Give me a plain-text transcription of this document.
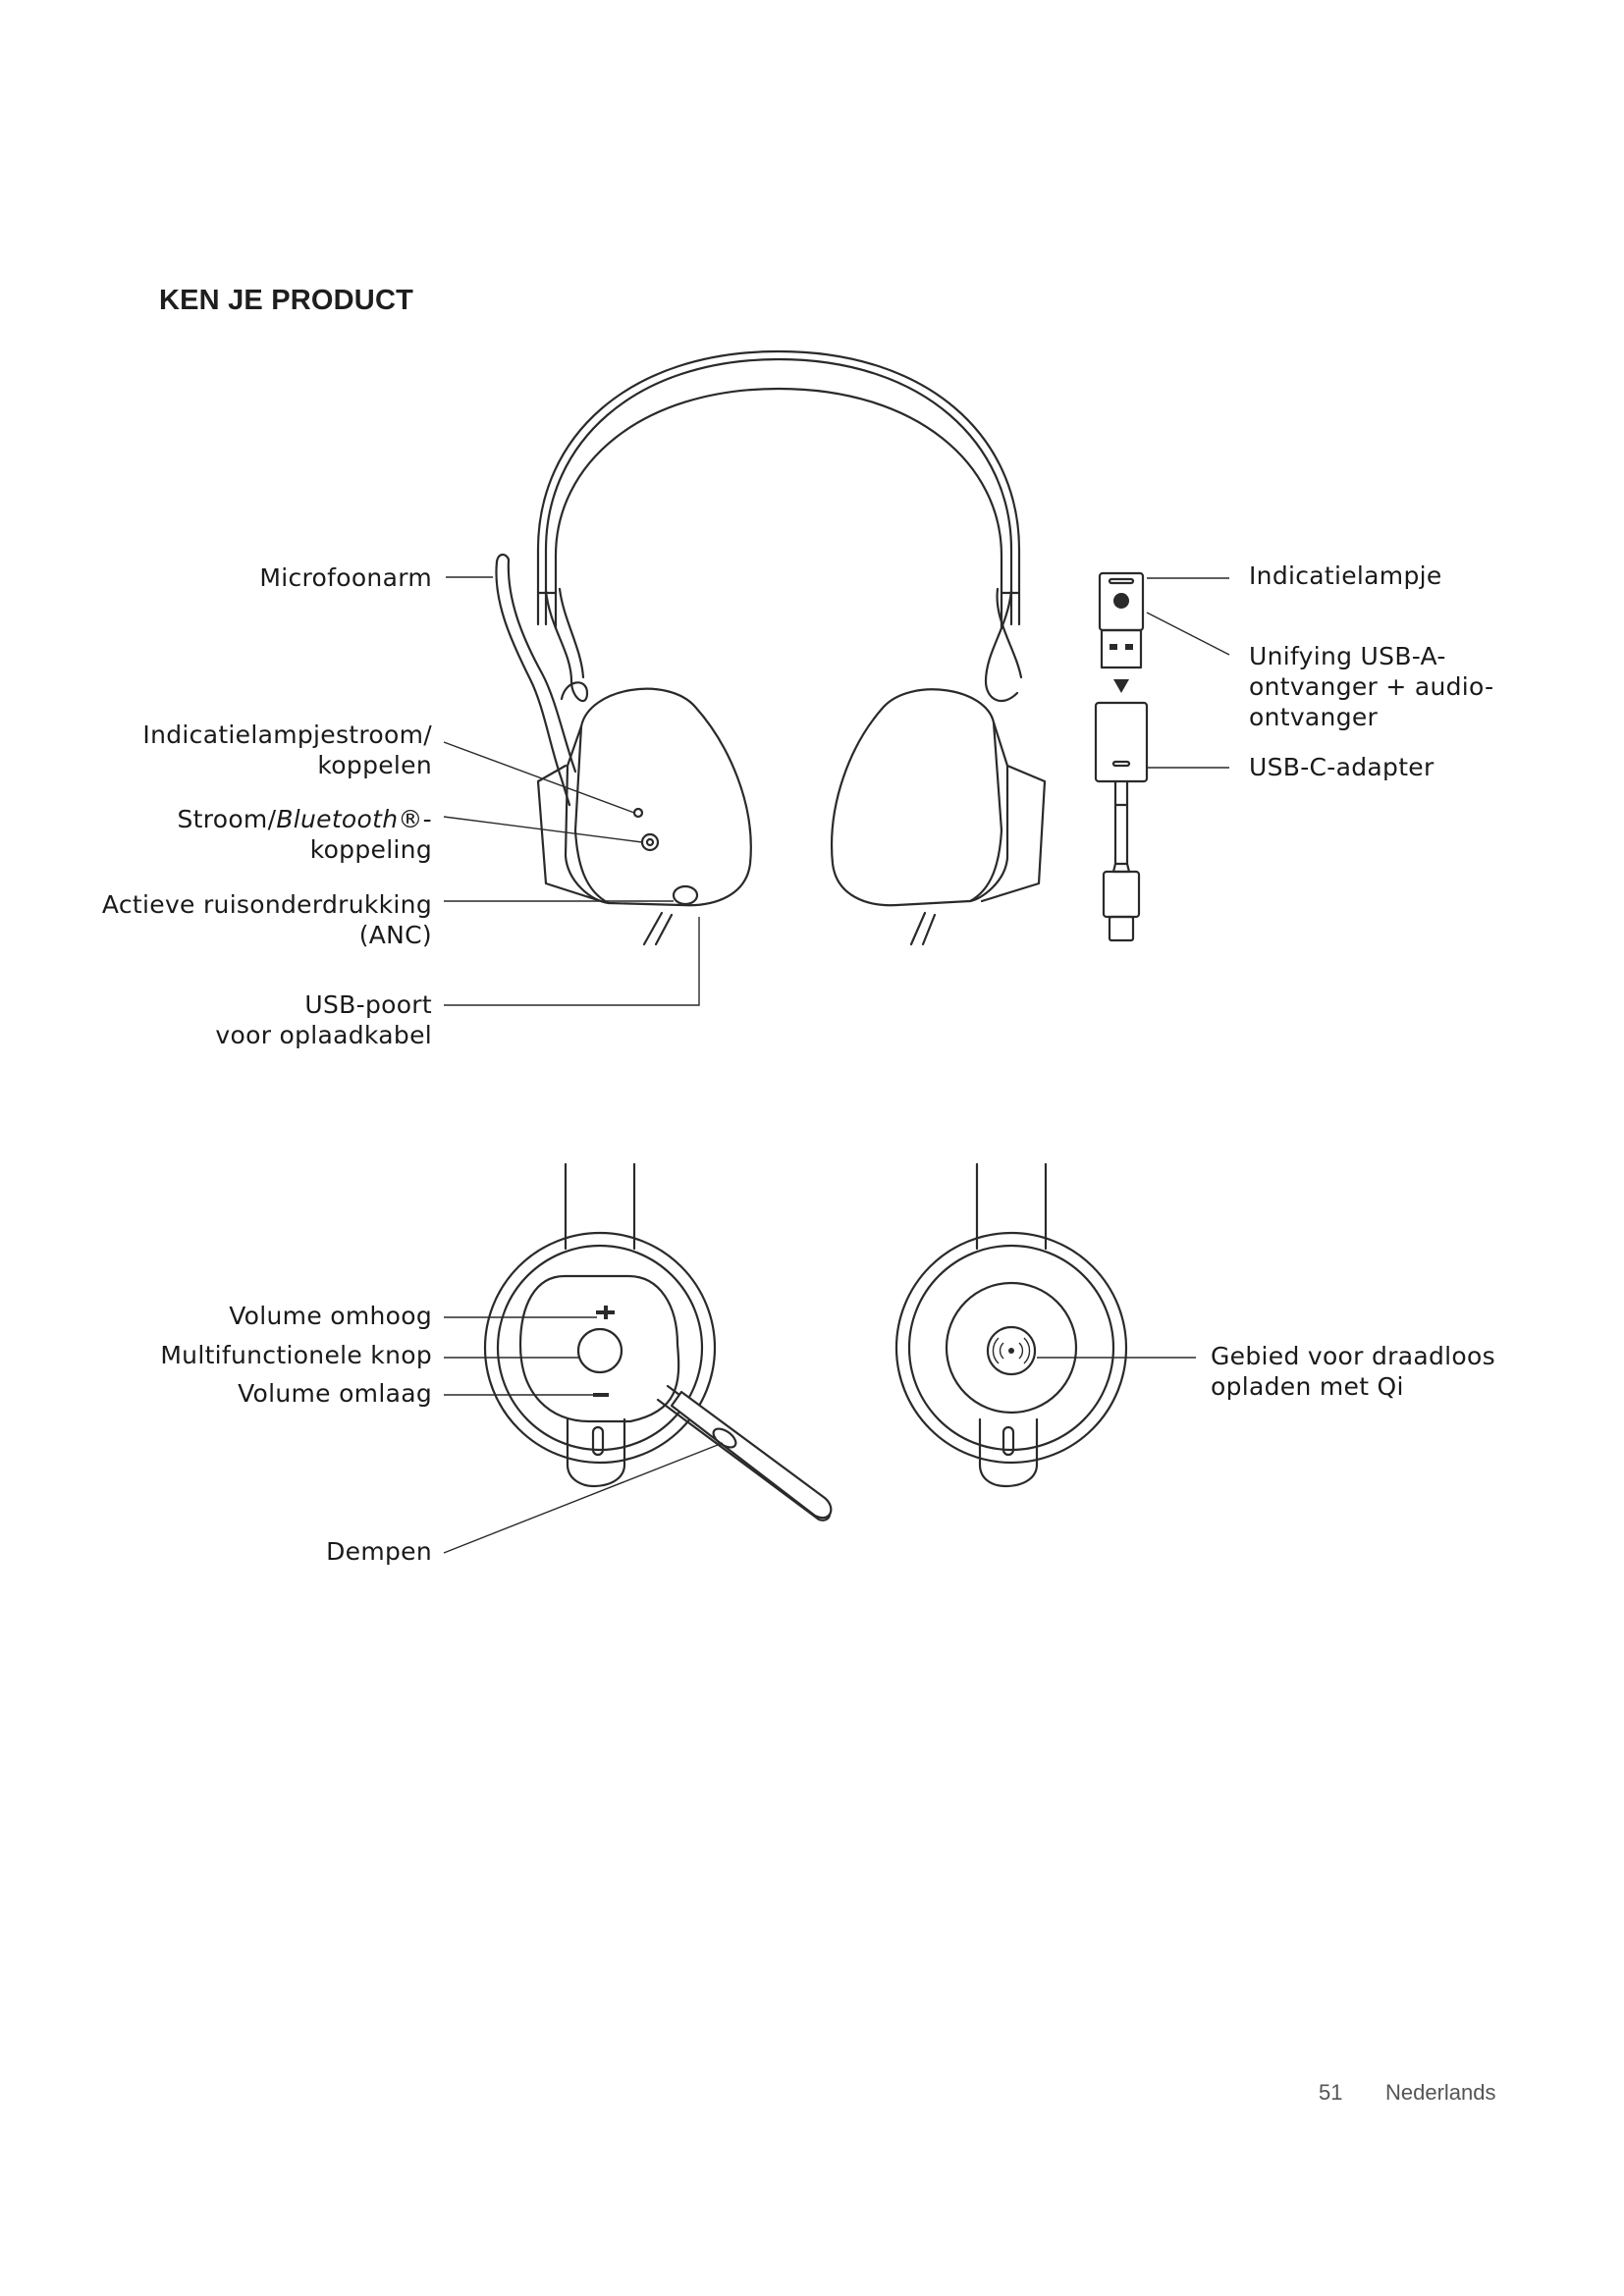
KEN JE PRODUCT
Microfoonarm
Indicatielampjestroom/
koppelen
Stroom/Bluetooth®-
koppeling
Actieve ruisonderdrukking
(ANC)
USB-poort
voor oplaadkabel
Indicatielampje
Unifying USB-A-
ontvanger + audio-
ontvanger
USB-C-adapter
Volume omhoog
Multifunctionele knop
Volume omlaag
Dempen
Gebied voor draadloos
opladen met Qi
51 Nederlands
